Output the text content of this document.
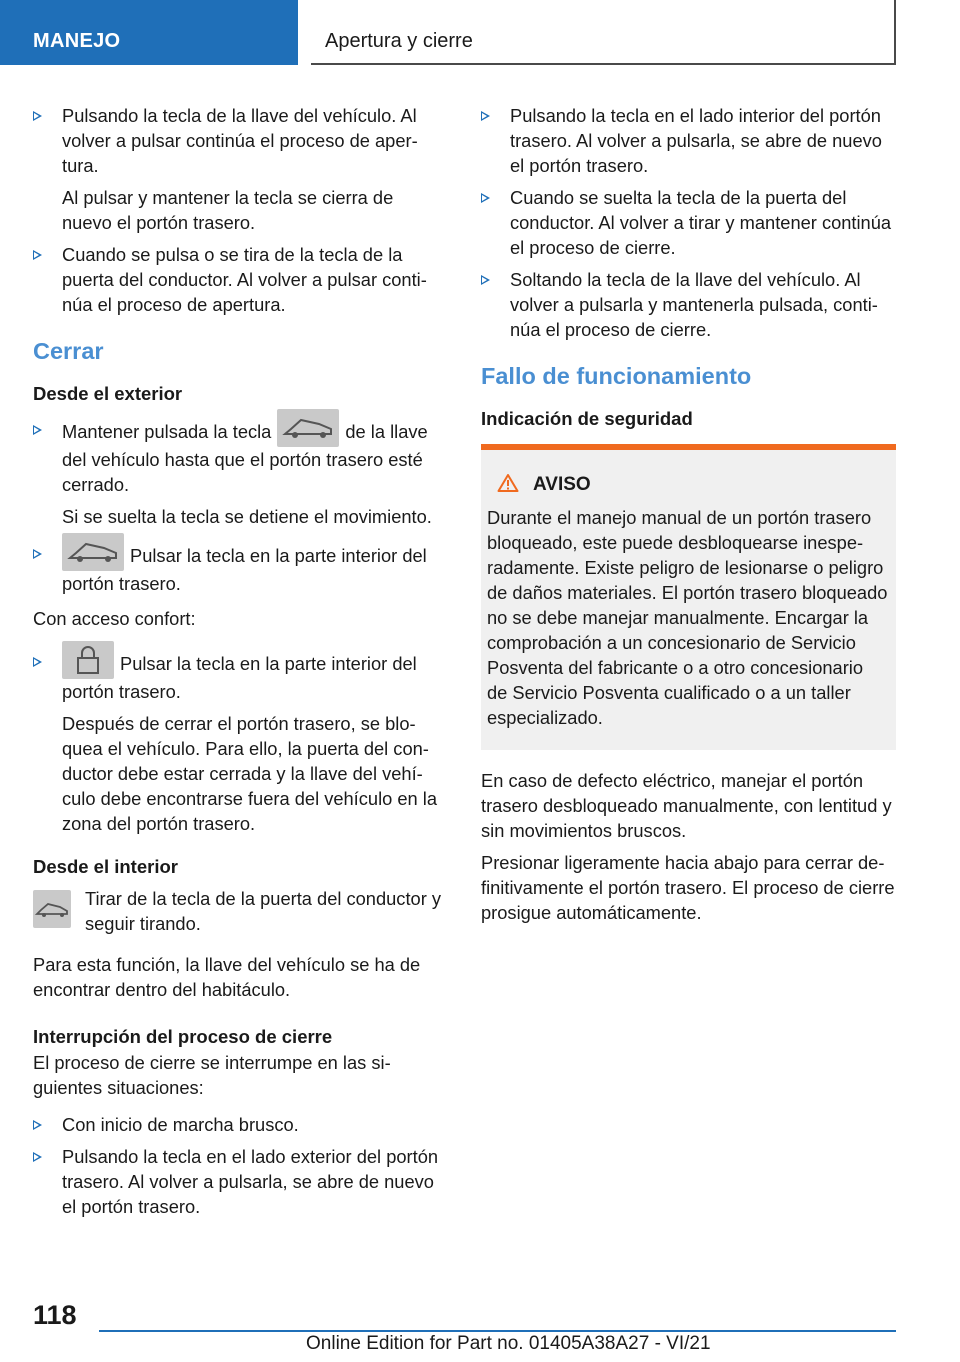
MANEJO	Apertura y cierre

Pulsando la tecla de la llave del vehículo. Al volver a pulsar continúa el proceso de apertura.

Al pulsar y mantener la tecla se cierra de nuevo el portón trasero.

Cuando se pulsa o se tira de la tecla de la puerta del conductor. Al volver a pulsar continúa el proceso de apertura.

Cerrar
Desde el exterior

Mantener pulsada la tecla	de la llave del vehículo hasta que el portón trasero esté cerrado.

Si se suelta la tecla se detiene el movimiento.

Pulsar la tecla en la parte interior del portón trasero.

Con acceso confort:

Pulsar la tecla en la parte interior del portón trasero.

Después de cerrar el portón trasero, se bloquea el vehículo. Para ello, la puerta del conductor debe estar cerrada y la llave del vehículo debe encontrarse fuera del vehículo en la zona del portón trasero.

Desde el interior

Tirar de la tecla de la puerta del conductor y seguir tirando.

Para esta función, la llave del vehículo se ha de encontrar dentro del habitáculo.

Interrupción del proceso de cierre

El proceso de cierre se interrumpe en las siguientes situaciones:

Con inicio de marcha brusco.

Pulsando la tecla en el lado exterior del portón trasero. Al volver a pulsarla, se abre de nuevo el portón trasero.

Pulsando la tecla en el lado interior del portón trasero. Al volver a pulsarla, se abre de nuevo el portón trasero.

Cuando se suelta la tecla de la puerta del conductor. Al volver a tirar y mantener continúa el proceso de cierre.

Soltando la tecla de la llave del vehículo. Al volver a pulsarla y mantenerla pulsada, continúa el proceso de cierre.

Fallo de funcionamiento
Indicación de seguridad
AVISO

Durante el manejo manual de un portón trasero bloqueado, este puede desbloquearse inesperadamente. Existe peligro de lesionarse o peligro de daños materiales. El portón trasero bloqueado no se debe manejar manualmente. Encargar la comprobación a un concesionario de Servicio Posventa del fabricante o a otro concesionario de Servicio Posventa cualificado o a un taller especializado.

En caso de defecto eléctrico, manejar el portón trasero desbloqueado manualmente, con lentitud y sin movimientos bruscos.

Presionar ligeramente hacia abajo para cerrar definitivamente el portón trasero. El proceso de cierre prosigue automáticamente.

118
Online Edition for Part no. 01405A38A27 - VI/21
